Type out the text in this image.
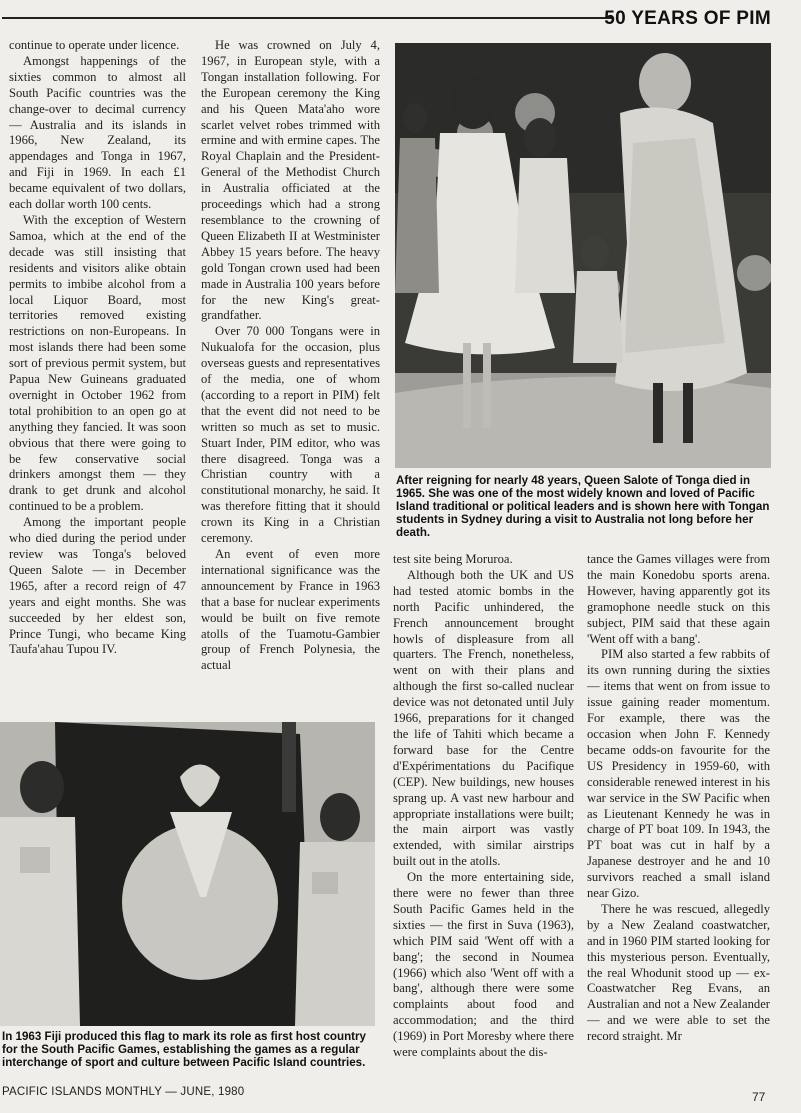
50 YEARS OF PIM

continue to operate under licence.

Amongst happenings of the sixties common to almost all South Pacific countries was the change-over to decimal currency — Australia and its islands in 1966, New Zealand, its appendages and Tonga in 1967, and Fiji in 1969. In each £1 became equivalent of two dollars, each dollar worth 100 cents.

With the exception of Western Samoa, which at the end of the decade was still insisting that residents and visitors alike obtain permits to imbibe alcohol from a local Liquor Board, most territories removed existing restrictions on non-Europeans. In most islands there had been some sort of previous permit system, but Papua New Guineans graduated overnight in October 1962 from total prohibition to an open go at anything they fancied. It was soon obvious that there were going to be few conservative social drinkers amongst them — they drank to get drunk and alcohol continued to be a problem.

Among the important people who died during the period under review was Tonga's beloved Queen Salote — in December 1965, after a record reign of 47 years and eight months. She was succeeded by her eldest son, Prince Tungi, who became King Taufa'ahau Tupou IV.

He was crowned on July 4, 1967, in European style, with a Tongan installation following. For the European ceremony the King and his Queen Mata'aho wore scarlet velvet robes trimmed with ermine and with ermine capes. The Royal Chaplain and the President-General of the Methodist Church in Australia officiated at the proceedings which had a strong resemblance to the crowning of Queen Elizabeth II at Westminister Abbey 15 years before. The heavy gold Tongan crown used had been made in Australia 100 years before for the new King's great-grandfather.

Over 70 000 Tongans were in Nukualofa for the occasion, plus overseas guests and representatives of the media, one of whom (according to a report in PIM) felt that the event did not need to be written so much as set to music. Stuart Inder, PIM editor, who was there disagreed. Tonga was a Christian country with a constitutional monarchy, he said. It was therefore fitting that it should crown its King in a Christian ceremony.

An event of even more international significance was the announcement by France in 1963 that a base for nuclear experiments would be built on five remote atolls of the Tuamotu-Gambier group of French Polynesia, the actual

After reigning for nearly 48 years, Queen Salote of Tonga died in 1965. She was one of the most widely known and loved of Pacific Island traditional or political leaders and is shown here with Tongan students in Sydney during a visit to Australia not long before her death.

test site being Moruroa.

Although both the UK and US had tested atomic bombs in the north Pacific unhindered, the French announcement brought howls of displeasure from all quarters. The French, nonetheless, went on with their plans and although the first so-called nuclear device was not detonated until July 1966, preparations for it changed the life of Tahiti which became a forward base for the Centre d'Expérimentations du Pacifique (CEP). New buildings, new houses sprang up. A vast new harbour and appropriate installations were built; the main airport was vastly extended, with similar airstrips built out in the atolls.

On the more entertaining side, there were no fewer than three South Pacific Games held in the sixties — the first in Suva (1963), which PIM said 'Went off with a bang'; the second in Noumea (1966) which also 'Went off with a bang', although there were some complaints about food and accommodation; and the third (1969) in Port Moresby where there were complaints about the dis-

tance the Games villages were from the main Konedobu sports arena. However, having apparently got its gramophone needle stuck on this subject, PIM said that these again 'Went off with a bang'.

PIM also started a few rabbits of its own running during the sixties — items that went on from issue to issue gaining reader momentum. For example, there was the occasion when John F. Kennedy became odds-on favourite for the US Presidency in 1959-60, with considerable renewed interest in his war service in the SW Pacific when as Lieutenant Kennedy he was in charge of PT boat 109. In 1943, the PT boat was cut in half by a Japanese destroyer and he and 10 survivors reached a small island near Gizo.

There he was rescued, allegedly by a New Zealand coastwatcher, and in 1960 PIM started looking for this mysterious person. Eventually, the real Whodunit stood up — ex-Coastwatcher Reg Evans, an Australian and not a New Zealander — and we were able to set the record straight. Mr

In 1963 Fiji produced this flag to mark its role as first host country for the South Pacific Games, establishing the games as a regular interchange of sport and culture between Pacific Island countries.
PACIFIC ISLANDS MONTHLY — JUNE, 1980	77
